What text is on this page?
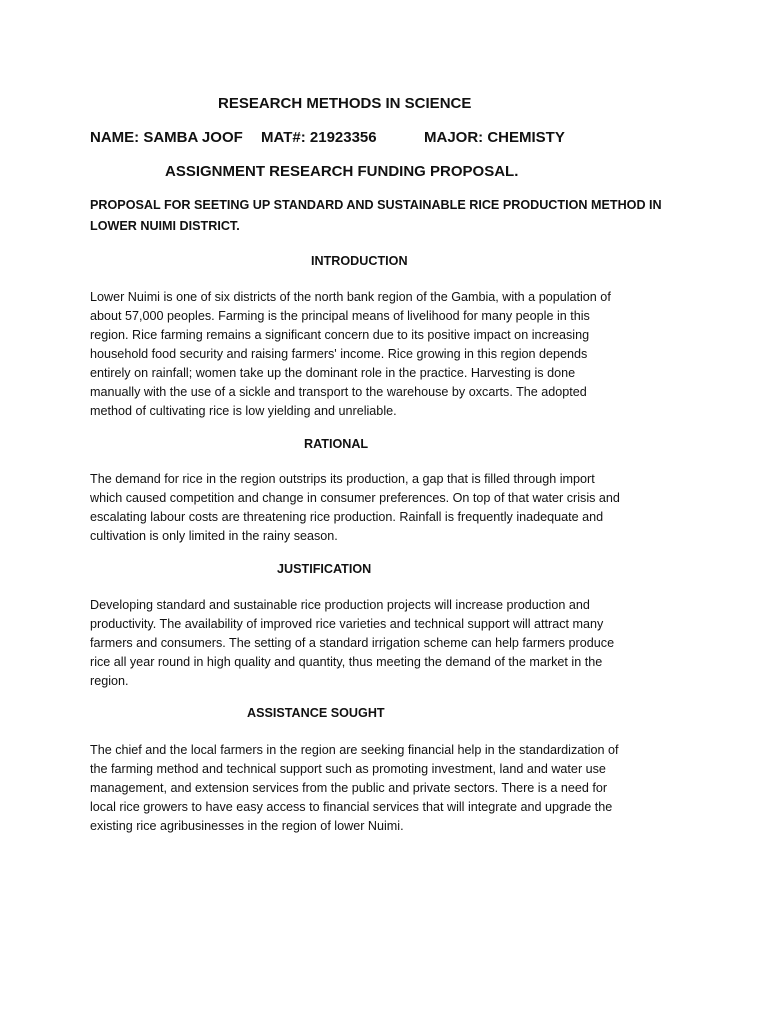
RESEARCH METHODS IN SCIENCE
NAME: SAMBA JOOF MAT#: 21923356	MAJOR: CHEMISTY
ASSIGNMENT RESEARCH FUNDING PROPOSAL.
PROPOSAL FOR SEETING UP STANDARD AND SUSTAINABLE RICE PRODUCTION METHOD IN
LOWER NUIMI DISTRICT.
INTRODUCTION
Lower Nuimi is one of six districts of the north bank region of the Gambia, with a population of
about 57,000 peoples. Farming is the principal means of livelihood for many people in this
region. Rice farming remains a significant concern due to its positive impact on increasing
household food security and raising farmers' income. Rice growing in this region depends
entirely on rainfall; women take up the dominant role in the practice. Harvesting is done
manually with the use of a sickle and transport to the warehouse by oxcarts. The adopted
method of cultivating rice is low yielding and unreliable.
RATIONAL
The demand for rice in the region outstrips its production, a gap that is filled through import
which caused competition and change in consumer preferences. On top of that water crisis and
escalating labour costs are threatening rice production. Rainfall is frequently inadequate and
cultivation is only limited in the rainy season.
JUSTIFICATION
Developing standard and sustainable rice production projects will increase production and
productivity. The availability of improved rice varieties and technical support will attract many
farmers and consumers. The setting of a standard irrigation scheme can help farmers produce
rice all year round in high quality and quantity, thus meeting the demand of the market in the
region.
ASSISTANCE SOUGHT
The chief and the local farmers in the region are seeking financial help in the standardization of
the farming method and technical support such as promoting investment, land and water use
management, and extension services from the public and private sectors. There is a need for
local rice growers to have easy access to financial services that will integrate and upgrade the
existing rice agribusinesses in the region of lower Nuimi.
